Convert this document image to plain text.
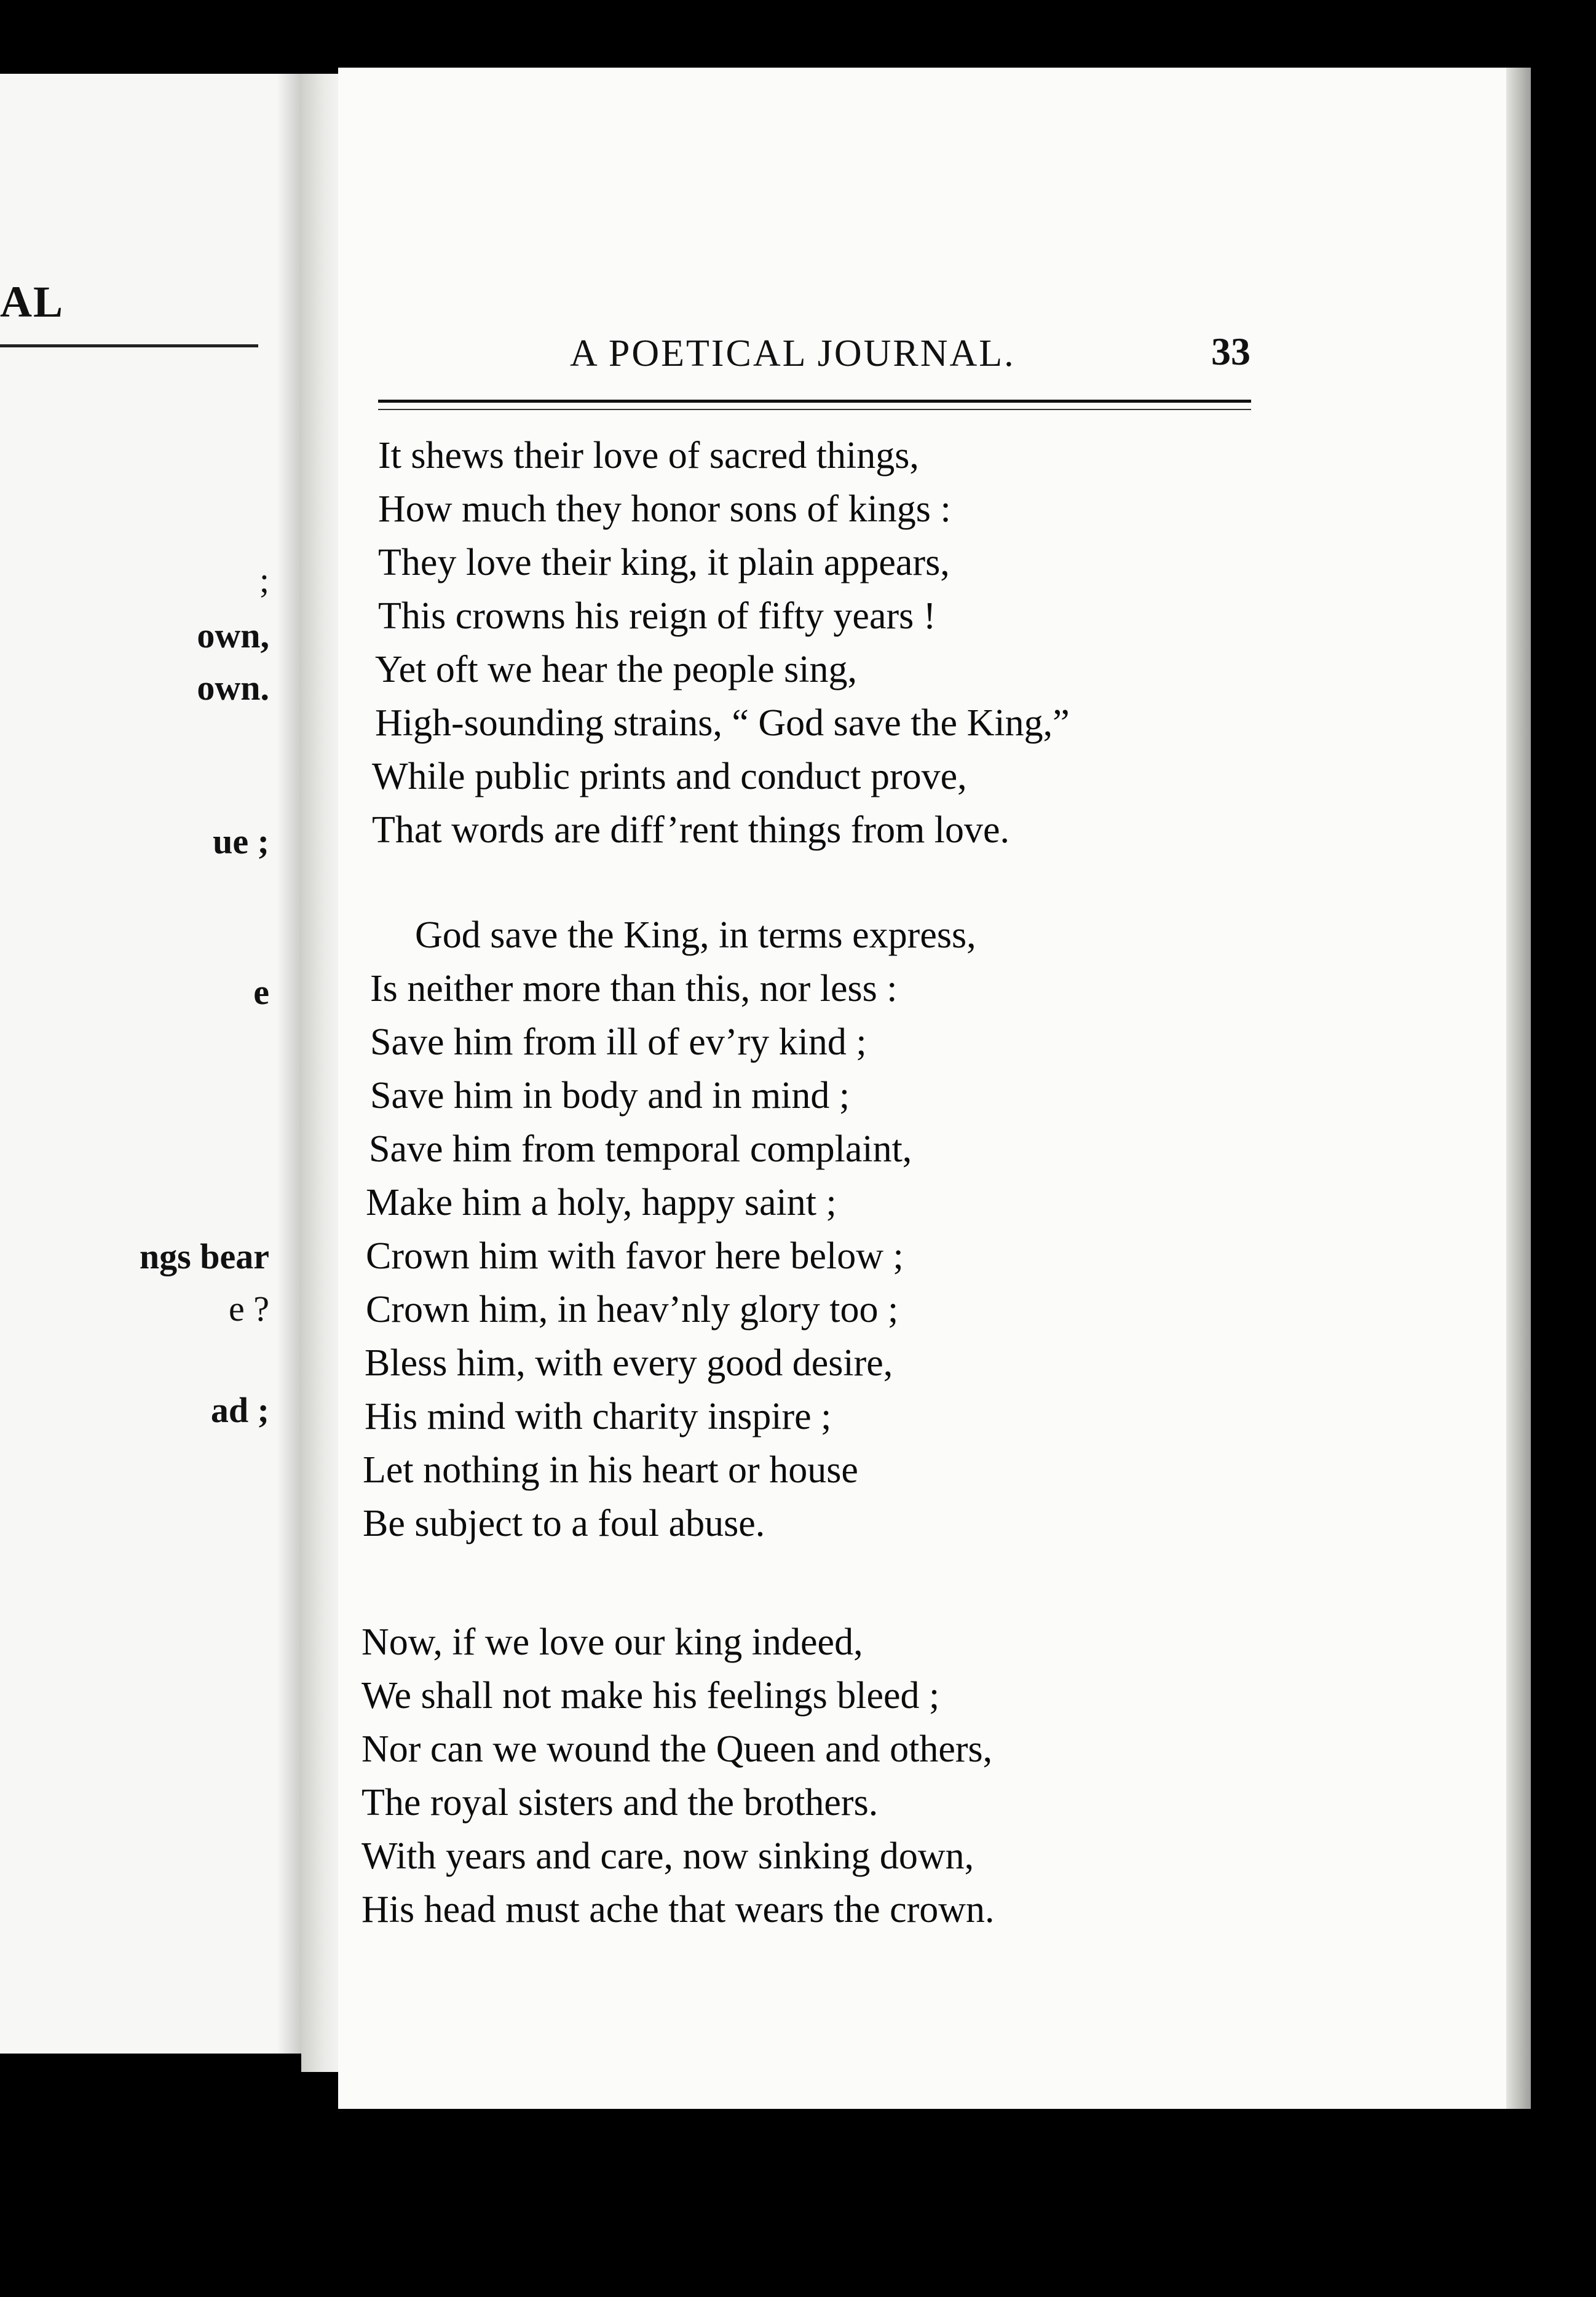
AL
;
own,
own.
ue ;
e
ngs bear
e ?
ad ;
A POETICAL JOURNAL.	33
It shews their love of sacred things,
How much they honor sons of kings :
They love their king, it plain appears,
This crowns his reign of fifty years !
Yet oft we hear the people sing,
High-sounding strains, “ God save the King,”
While public prints and conduct prove,
That words are diff’rent things from love.
God save the King, in terms express,
Is neither more than this, nor less :
Save him from ill of ev’ry kind ;
Save him in body and in mind ;
Save him from temporal complaint,
Make him a holy, happy saint ;
Crown him with favor here below ;
Crown him, in heav’nly glory too ;
Bless him, with every good desire,
His mind with charity inspire ;
Let nothing in his heart or house
Be subject to a foul abuse.
Now, if we love our king indeed,
We shall not make his feelings bleed ;
Nor can we wound the Queen and others,
The royal sisters and the brothers.
With years and care, now sinking down,
His head must ache that wears the crown.
